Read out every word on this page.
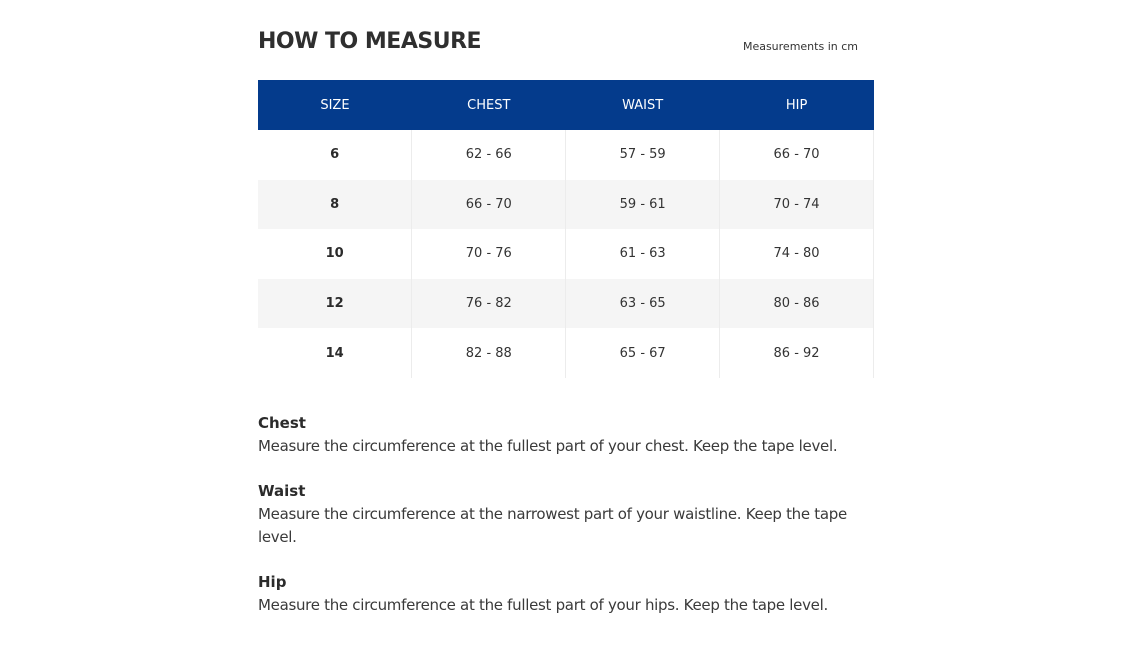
HOW TO MEASURE	Measurements in cm
SIZE	CHEST	WAIST	HIP
6	62 - 66	57 - 59	66 - 70
8	66 - 70	59 - 61	70 - 74
10	70 - 76	61 - 63	74 - 80
12	76 - 82	63 - 65	80 - 86
14	82 - 88	65 - 67	86 - 92
Chest
Measure the circumference at the fullest part of your chest. Keep the tape level.
Waist
Measure the circumference at the narrowest part of your waistline. Keep the tape level.
Hip
Measure the circumference at the fullest part of your hips. Keep the tape level.
